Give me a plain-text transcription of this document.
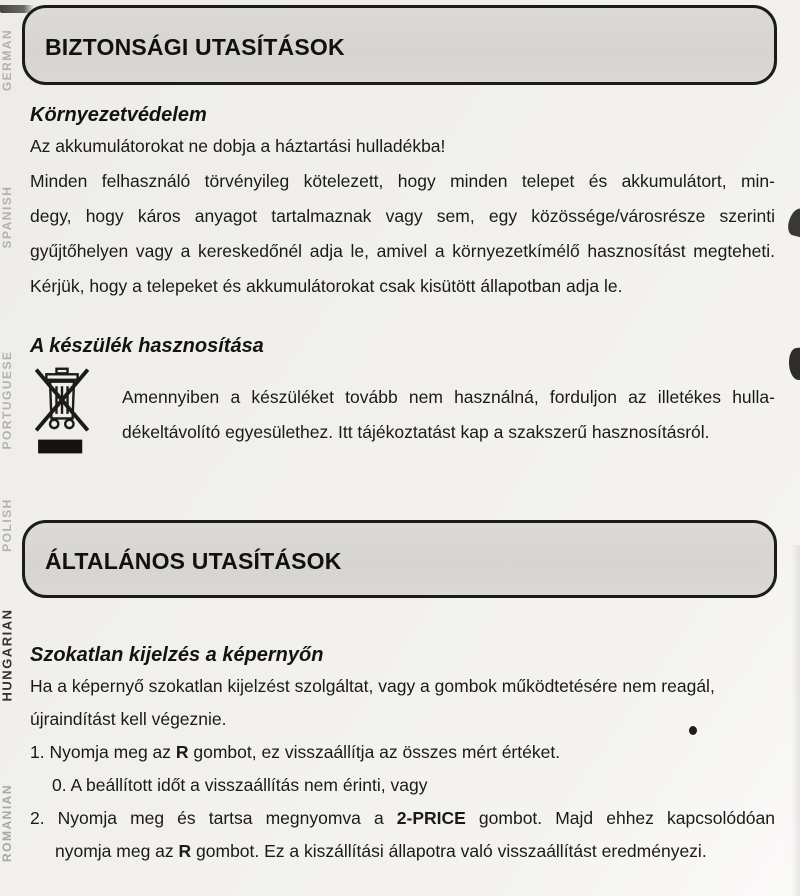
GERMAN
SPANISH
PORTUGUESE
POLISH
HUNGARIAN
ROMANIAN
BIZTONSÁGI UTASÍTÁSOK
Környezetvédelem
Az akkumulátorokat ne dobja a háztartási hulladékba!
Minden felhasználó törvényileg kötelezett, hogy minden telepet és akkumulátort, min-
degy, hogy káros anyagot tartalmaznak vagy sem, egy közössége/városrésze szerinti
gyűjtőhelyen vagy a kereskedőnél adja le, amivel a környezetkímélő hasznosítást megteheti.
Kérjük, hogy a telepeket és akkumulátorokat csak kisütött állapotban adja le.
A készülék hasznosítása
Amennyiben a készüléket tovább nem használná, forduljon az illetékes hulla-
dékeltávolító egyesülethez. Itt tájékoztatást kap a szakszerű hasznosításról.
ÁLTALÁNOS UTASÍTÁSOK
Szokatlan kijelzés a képernyőn
Ha a képernyő szokatlan kijelzést szolgáltat, vagy a gombok működtetésére nem reagál,
újraindítást kell végeznie.
1. Nyomja meg az R gombot, ez visszaállítja az összes mért értéket.
0. A beállított időt a visszaállítás nem érinti, vagy
2. Nyomja meg és tartsa megnyomva a 2-PRICE gombot. Majd ehhez kapcsolódóan
nyomja meg az R gombot. Ez a kiszállítási állapotra való visszaállítást eredményezi.
